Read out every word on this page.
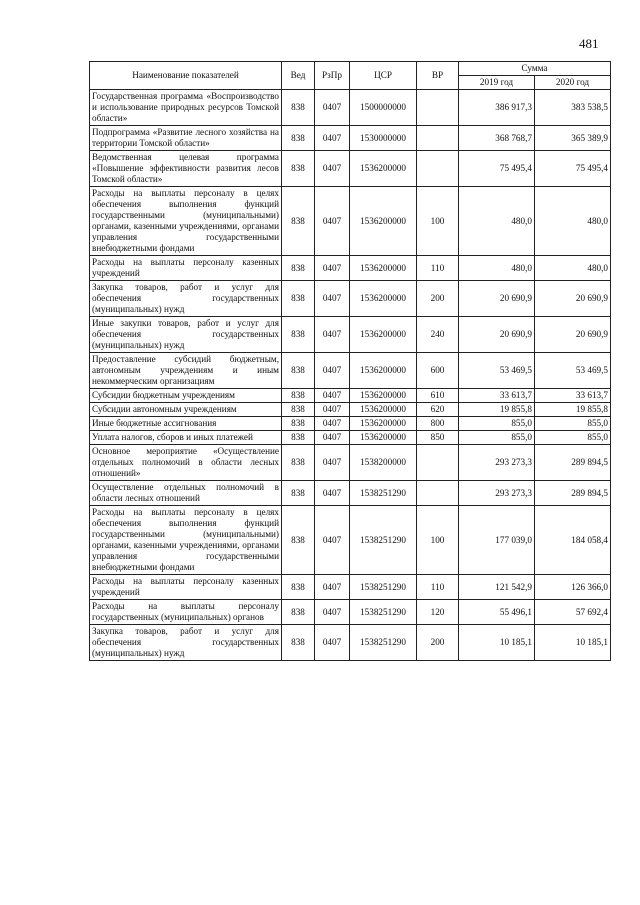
481
Наименование показателей	Вед	РзПр	ЦСР	ВР	Сумма	
					2019 год	2020 год
Государственная программа «Воспроизводство и использование природных ресурсов Томской области»	838	0407	1500000000		386 917,3	383 538,5
Подпрограмма «Развитие лесного хозяйства на территории Томской области»	838	0407	1530000000		368 768,7	365 389,9
Ведомственная целевая программа «Повышение эффективности развития лесов Томской области»	838	0407	1536200000		75 495,4	75 495,4
Расходы на выплаты персоналу в целях обеспечения выполнения функций государственными (муниципальными) органами, казенными учреждениями, органами управления государственными внебюджетными фондами	838	0407	1536200000	100	480,0	480,0
Расходы на выплаты персоналу казенных учреждений	838	0407	1536200000	110	480,0	480,0
Закупка товаров, работ и услуг для обеспечения государственных (муниципальных) нужд	838	0407	1536200000	200	20 690,9	20 690,9
Иные закупки товаров, работ и услуг для обеспечения государственных (муниципальных) нужд	838	0407	1536200000	240	20 690,9	20 690,9
Предоставление субсидий бюджетным, автономным учреждениям и иным некоммерческим организациям	838	0407	1536200000	600	53 469,5	53 469,5
Субсидии бюджетным учреждениям	838	0407	1536200000	610	33 613,7	33 613,7
Субсидии автономным учреждениям	838	0407	1536200000	620	19 855,8	19 855,8
Иные бюджетные ассигнования	838	0407	1536200000	800	855,0	855,0
Уплата налогов, сборов и иных платежей	838	0407	1536200000	850	855,0	855,0
Основное мероприятие «Осуществление отдельных полномочий в области лесных отношений»	838	0407	1538200000		293 273,3	289 894,5
Осуществление отдельных полномочий в области лесных отношений	838	0407	1538251290		293 273,3	289 894,5
Расходы на выплаты персоналу в целях обеспечения выполнения функций государственными (муниципальными) органами, казенными учреждениями, органами управления государственными внебюджетными фондами	838	0407	1538251290	100	177 039,0	184 058,4
Расходы на выплаты персоналу казенных учреждений	838	0407	1538251290	110	121 542,9	126 366,0
Расходы на выплаты персоналу государственных (муниципальных) органов	838	0407	1538251290	120	55 496,1	57 692,4
Закупка товаров, работ и услуг для обеспечения государственных (муниципальных) нужд	838	0407	1538251290	200	10 185,1	10 185,1
